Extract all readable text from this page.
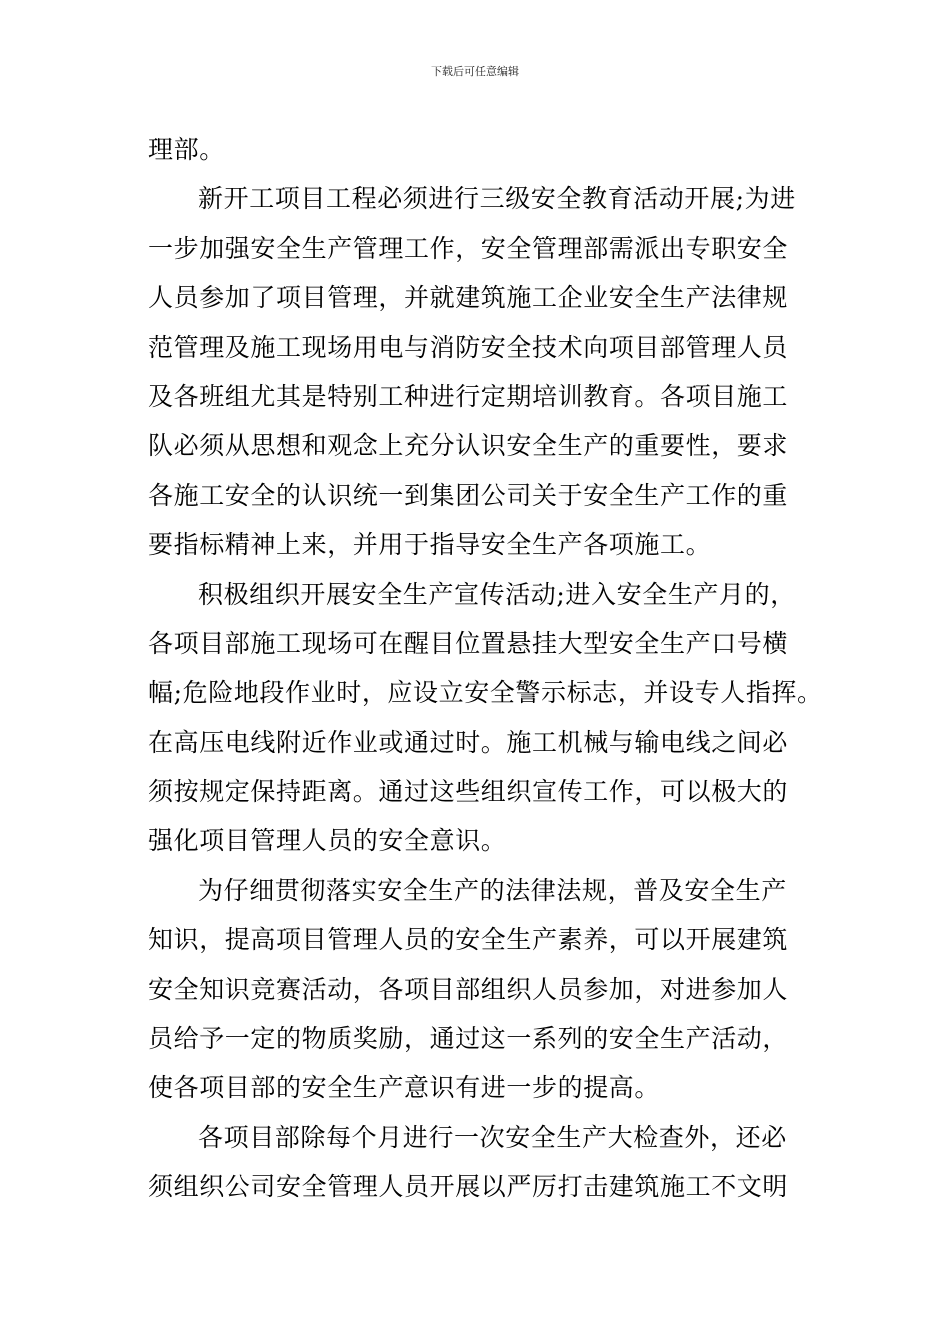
下载后可任意编辑
理部。
新开工项目工程必须进行三级安全教育活动开展;为进
一步加强安全生产管理工作，安全管理部需派出专职安全
人员参加了项目管理，并就建筑施工企业安全生产法律规
范管理及施工现场用电与消防安全技术向项目部管理人员
及各班组尤其是特别工种进行定期培训教育。各项目施工
队必须从思想和观念上充分认识安全生产的重要性，要求
各施工安全的认识统一到集团公司关于安全生产工作的重
要指标精神上来，并用于指导安全生产各项施工。
积极组织开展安全生产宣传活动;进入安全生产月的，
各项目部施工现场可在醒目位置悬挂大型安全生产口号横
幅;危险地段作业时，应设立安全警示标志，并设专人指挥。
在高压电线附近作业或通过时。施工机械与输电线之间必
须按规定保持距离。通过这些组织宣传工作，可以极大的
强化项目管理人员的安全意识。
为仔细贯彻落实安全生产的法律法规，普及安全生产
知识，提高项目管理人员的安全生产素养，可以开展建筑
安全知识竞赛活动，各项目部组织人员参加，对进参加人
员给予一定的物质奖励，通过这一系列的安全生产活动，
使各项目部的安全生产意识有进一步的提高。
各项目部除每个月进行一次安全生产大检查外，还必
须组织公司安全管理人员开展以严厉打击建筑施工不文明
